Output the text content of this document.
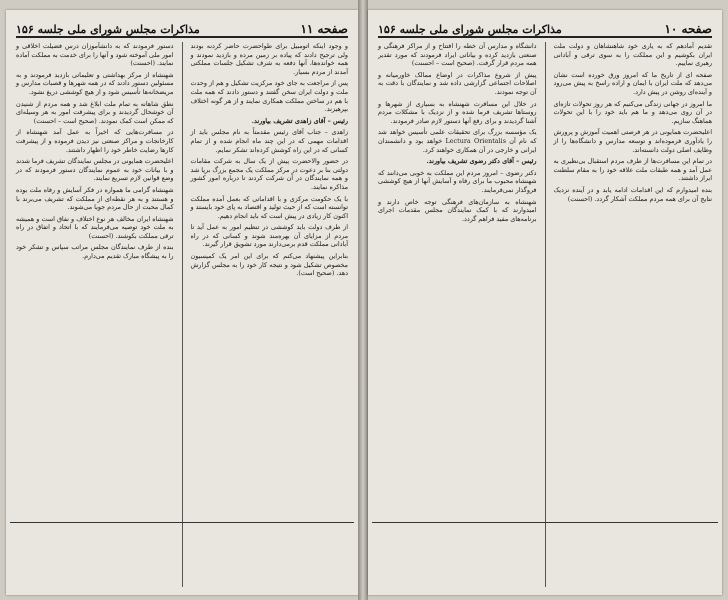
صفحه ۱۱
مذاکرات مجلس شورای ملی جلسه ۱۵۶

و وجود اینکه اتومبیل برای طواحضرت حاضر کردنه بودند ولی ترجیح دادند که پیاده بر زمین مرده و بازدید نمودند و همه خوانده‌ها، آنها دفعه به شرف تشکیل جلسات مملکتی آمدند از مردم بسیار.

پس از مراجعت به جای خود مرکزیت تشکیل و هم از وحدت ملت و دولت ایران سخن گفتند و دستور دادند که همه ملت با هم در ساختن مملکت همکاری نمایند و از هر گونه اختلاف بپرهیزند.

رئیس – آقای زاهدی تشریف بیاورند.

زاهدی – جناب آقای رئیس مقدمتاً به نام مجلس باید از اقدامات مهمی که در این چند ماه انجام شده و از تمام کسانی که در این راه کوشش کرده‌اند تشکر نمایم.

در حضور والاحضرت پیش از یک سال به شرکت مقامات دولتی بنا بر دعوت در مرکز مملکت یک مجمع بزرگ برپا شد و همه نمایندگان در آن شرکت کردند تا درباره امور کشور مذاکره نمایند.

با یک حکومت مرکزی و با اقداماتی که بعمل آمده مملکت توانسته است که از حیث تولید و اقتصاد به پای خود بایستد و اکنون کار زیادی در پیش است که باید انجام دهیم.

از طرف دولت باید کوششی در تنظیم امور به عمل آید تا مردم از مزایای آن بهره‌مند شوند و کسانی که در راه آبادانی مملکت قدم برمی‌دارند مورد تشویق قرار گیرند.

بنابراین پیشنهاد می‌کنم که برای این امر یک کمیسیون مخصوص تشکیل شود و نتیجه کار خود را به مجلس گزارش دهد. (صحیح است).

دستور فرمودند که به دانشآموزان درس فضیلت اخلاقی و امور ملی آموخته شود و آنها را برای خدمت به مملکت آماده نمایند. (احسنت)

شهنشاه از مرکز بهداشتی و تعلیماتی بازدید فرمودند و به مسئولین دستور دادند که در همه شهرها و قصبات مدارس و مریضخانه‌ها تأسیس شود و از هیچ کوششی دریغ نشود.

نطق شاهانه به تمام ملت ابلاغ شد و همه مردم از شنیدن آن خوشحال گردیدند و برای پیشرفت امور به هر وسیله‌ای که ممکن است کمک نمودند. (صحیح است – احسنت)

در مسافرت‌هایی که اخیراً به عمل آمد شهنشاه از کارخانجات و مراکز صنعتی نیز دیدن فرموده و از پیشرفت کارها رضایت خاطر خود را اظهار داشتند.

اعلیحضرت همایونی در مجلس نمایندگان تشریف فرما شدند و با بیانات خود به عموم نمایندگان دستور فرمودند که در وضع قوانین لازم تسریع نمایند.

شهنشاه گرامی ما همواره در فکر آسایش و رفاه ملت بوده و هستند و به هر نقطه‌ای از مملکت که تشریف می‌برند با کمال محبت از حال مردم جویا می‌شوند.

شهنشاه ایران مخالف هر نوع اختلاف و نفاق است و همیشه به ملت خود توصیه می‌فرمایند که با اتحاد و اتفاق در راه ترقی مملکت بکوشند. (احسنت)

بنده از طرف نمایندگان مجلس مراتب سپاس و تشکر خود را به پیشگاه مبارک تقدیم می‌دارم.

صفحه ۱۰
مذاکرات مجلس شورای ملی جلسه ۱۵۶

تقدیم آمادهم که به یاری خود شاهنشاهان و دولت ملت ایران بکوشیم و این مملکت را به سوی ترقی و آبادانی رهبری نماییم.

صفحه ای از تاریخ ما که امروز ورق خورده است نشان می‌دهد که ملت ایران با ایمان و اراده راسخ به پیش می‌رود و آینده‌ای روشن در پیش دارد.

ما امروز در جهانی زندگی می‌کنیم که هر روز تحولات تازه‌ای در آن روی می‌دهد و ما هم باید خود را با این تحولات هماهنگ سازیم.

اعلیحضرت همایونی در هر فرصتی اهمیت آموزش و پرورش را یادآوری فرموده‌اند و توسعه مدارس و دانشگاه‌ها را از وظایف اصلی دولت دانسته‌اند.

در تمام این مسافرت‌ها از طرف مردم استقبال بی‌نظیری به عمل آمد و همه طبقات ملت علاقه خود را به مقام سلطنت ابراز داشتند.

بنده امیدوارم که این اقدامات ادامه یابد و در آینده نزدیک نتایج آن برای همه مردم مملکت آشکار گردد. (احسنت)

دانشگاه و مدارس آن خطه را افتتاح و از مراکز فرهنگی و صنعتی بازدید کرده و بیاناتی ایراد فرمودند که مورد تقدیر همه مردم قرار گرفت. (صحیح است – احسنت)

پیش از شروع مذاکرات در اوضاع ممالک خاورمیانه و اصلاحات اجتماعی گزارشی داده شد و نمایندگان با دقت به آن توجه نمودند.

در خلال این مسافرت شهنشاه به بسیاری از شهرها و روستاها تشریف فرما شده و از نزدیک با مشکلات مردم آشنا گردیدند و برای رفع آنها دستور لازم صادر فرمودند.

یک مؤسسه بزرگ برای تحقیقات علمی تأسیس خواهد شد که نام آن Lectura Orientalis خواهد بود و دانشمندان ایرانی و خارجی در آن همکاری خواهند کرد.

رئیس – آقای دکتر رضوی تشریف بیاورند.

دکتر رضوی – امروز مردم این مملکت به خوبی می‌دانند که شهنشاه محبوب ما برای رفاه و آسایش آنها از هیچ کوششی فروگذار نمی‌فرمایند.

شهنشاه به سازمان‌های فرهنگی توجه خاص دارند و امیدوارند که با کمک نمایندگان مجلس مقدمات اجرای برنامه‌های مفید فراهم گردد.
